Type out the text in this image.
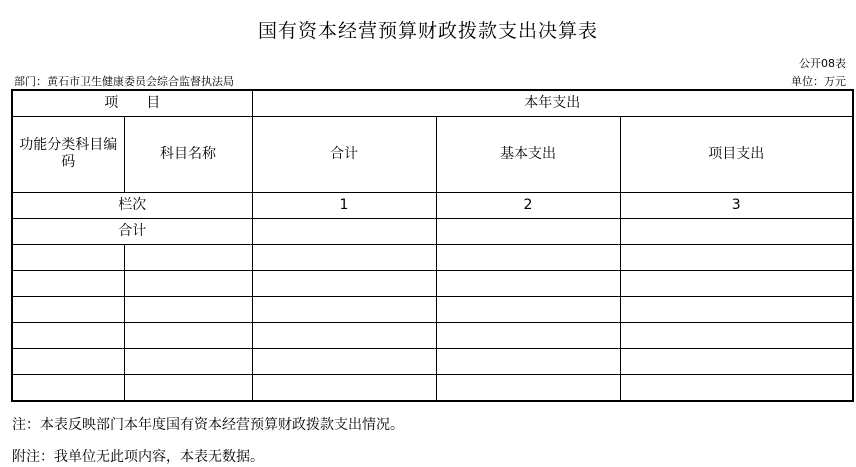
国有资本经营预算财政拨款支出决算表
公开08表
部门：黄石市卫生健康委员会综合监督执法局	单位：万元
项　　目		本年支出		
功能分类科目编码	科目名称	合计	基本支出	项目支出
栏次		1	2	3
合计				

注：本表反映部门本年度国有资本经营预算财政拨款支出情况。
附注：我单位无此项内容，本表无数据。
